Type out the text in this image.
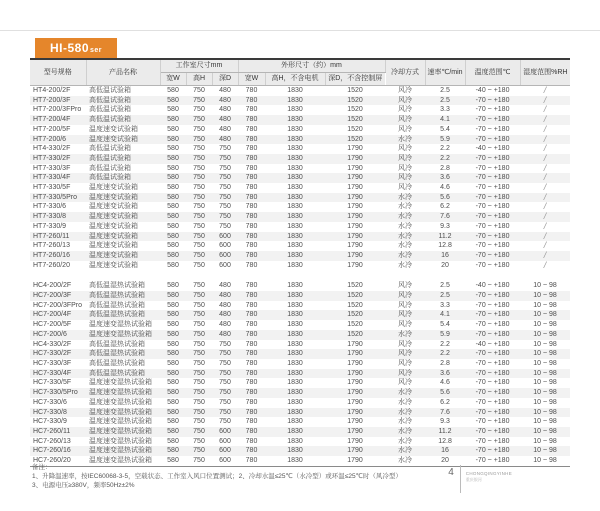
HI-580 ser
型号规格	产品名称	工作室尺寸mm			外形尺寸（约）mm			冷却方式	速率℃/min	温度范围℃	湿度范围%RH
		宽W	高H	深D	宽W	高H，不含电机	深D，不含控制屏				
HT4-200/2F	高低温试验箱	580	750	480	780	1830	1520	风冷	2.5	-40 ~ +180	/
HT7-200/3F	高低温试验箱	580	750	480	780	1830	1520	风冷	2.5	-70 ~ +180	/
HT7-200/3FPro	高低温试验箱	580	750	480	780	1830	1520	风冷	3.3	-70 ~ +180	/
HT7-200/4F	高低温试验箱	580	750	480	780	1830	1520	风冷	4.1	-70 ~ +180	/
HT7-200/5F	温度速变试验箱	580	750	480	780	1830	1520	风冷	5.4	-70 ~ +180	/
HT7-200/6	温度速变试验箱	580	750	480	780	1830	1520	水冷	5.9	-70 ~ +180	/
HT4-330/2F	高低温试验箱	580	750	750	780	1830	1790	风冷	2.2	-40 ~ +180	/
HT7-330/2F	高低温试验箱	580	750	750	780	1830	1790	风冷	2.2	-70 ~ +180	/
HT7-330/3F	高低温试验箱	580	750	750	780	1830	1790	风冷	2.8	-70 ~ +180	/
HT7-330/4F	高低温试验箱	580	750	750	780	1830	1790	风冷	3.6	-70 ~ +180	/
HT7-330/5F	温度速变试验箱	580	750	750	780	1830	1790	风冷	4.6	-70 ~ +180	/
HT7-330/5Pro	温度速变试验箱	580	750	750	780	1830	1790	水冷	5.6	-70 ~ +180	/
HT7-330/6	温度速变试验箱	580	750	750	780	1830	1790	水冷	6.2	-70 ~ +180	/
HT7-330/8	温度速变试验箱	580	750	750	780	1830	1790	水冷	7.6	-70 ~ +180	/
HT7-330/9	温度速变试验箱	580	750	750	780	1830	1790	水冷	9.3	-70 ~ +180	/
HT7-260/11	温度速变试验箱	580	750	600	780	1830	1790	水冷	11.2	-70 ~ +180	/
HT7-260/13	温度速变试验箱	580	750	600	780	1830	1790	水冷	12.8	-70 ~ +180	/
HT7-260/16	温度速变试验箱	580	750	600	780	1830	1790	水冷	16	-70 ~ +180	/
HT7-260/20	温度速变试验箱	580	750	600	780	1830	1790	水冷	20	-70 ~ +180	/

HC4-200/2F	高低温湿热试验箱	580	750	480	780	1830	1520	风冷	2.5	-40 ~ +180	10 ~ 98
HC7-200/3F	高低温湿热试验箱	580	750	480	780	1830	1520	风冷	2.5	-70 ~ +180	10 ~ 98
HC7-200/3FPro	高低温湿热试验箱	580	750	480	780	1830	1520	风冷	3.3	-70 ~ +180	10 ~ 98
HC7-200/4F	高低温湿热试验箱	580	750	480	780	1830	1520	风冷	4.1	-70 ~ +180	10 ~ 98
HC7-200/5F	温度速变湿热试验箱	580	750	480	780	1830	1520	风冷	5.4	-70 ~ +180	10 ~ 98
HC7-200/6	温度速变湿热试验箱	580	750	480	780	1830	1520	水冷	5.9	-70 ~ +180	10 ~ 98
HC4-330/2F	高低温湿热试验箱	580	750	750	780	1830	1790	风冷	2.2	-40 ~ +180	10 ~ 98
HC7-330/2F	高低温湿热试验箱	580	750	750	780	1830	1790	风冷	2.2	-70 ~ +180	10 ~ 98
HC7-330/3F	高低温湿热试验箱	580	750	750	780	1830	1790	风冷	2.8	-70 ~ +180	10 ~ 98
HC7-330/4F	高低温湿热试验箱	580	750	750	780	1830	1790	风冷	3.6	-70 ~ +180	10 ~ 98
HC7-330/5F	温度速变湿热试验箱	580	750	750	780	1830	1790	风冷	4.6	-70 ~ +180	10 ~ 98
HC7-330/5Pro	温度速变湿热试验箱	580	750	750	780	1830	1790	水冷	5.6	-70 ~ +180	10 ~ 98
HC7-330/6	温度速变湿热试验箱	580	750	750	780	1830	1790	水冷	6.2	-70 ~ +180	10 ~ 98
HC7-330/8	温度速变湿热试验箱	580	750	750	780	1830	1790	水冷	7.6	-70 ~ +180	10 ~ 98
HC7-330/9	温度速变湿热试验箱	580	750	750	780	1830	1790	水冷	9.3	-70 ~ +180	10 ~ 98
HC7-260/11	温度速变湿热试验箱	580	750	600	780	1830	1790	水冷	11.2	-70 ~ +180	10 ~ 98
HC7-260/13	温度速变湿热试验箱	580	750	600	780	1830	1790	水冷	12.8	-70 ~ +180	10 ~ 98
HC7-260/16	温度速变湿热试验箱	580	750	600	780	1830	1790	水冷	16	-70 ~ +180	10 ~ 98
HC7-260/20	温度速变湿热试验箱	580	750	600	780	1830	1790	水冷	20	-70 ~ +180	10 ~ 98
备注：
1、升降温速率，按IEC60068-3-5，空载状态、工作室入风口位置测试；2、冷却水温≤25℃（水冷型）或环温≤25℃时（风冷型）
3、电源电压≥380V，频率50Hz±2%
4	CHONGQINGYINHE
重庆银河
